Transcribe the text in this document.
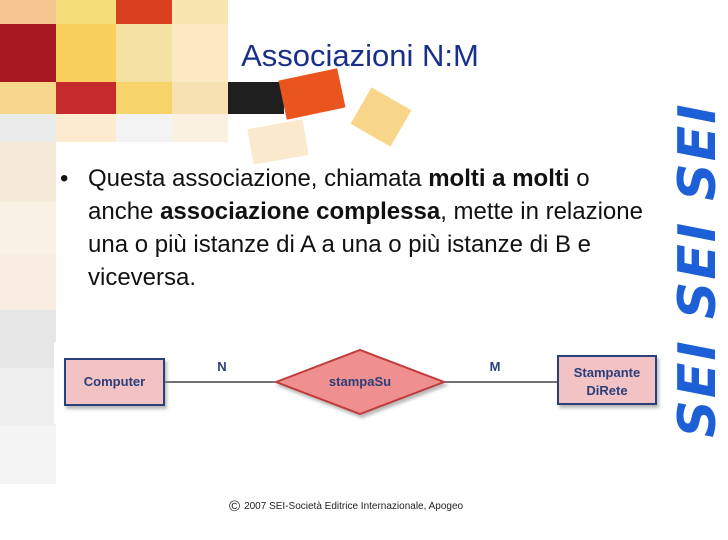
SEI SEI SEI
Associazioni N:M
• Questa associazione, chiamata molti a molti o anche associazione complessa, mette in relazione una o più istanze di A a una o più istanze di B e viceversa.
Computer	stampaSu
Stampante
DiRete
N	M
© 2007 SEI-Società Editrice Internazionale, Apogeo
